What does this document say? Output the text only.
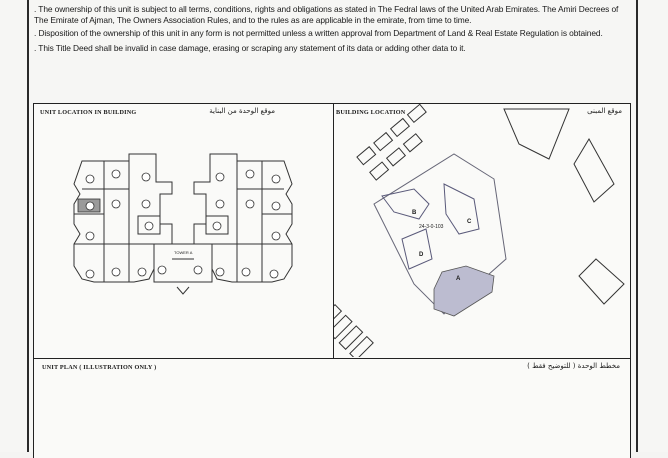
. The ownership of this unit is subject to all terms, conditions, rights and obligations as stated in The Fedral laws of the United Arab Emirates. The Amiri Decrees of The Emirate of Ajman, The Owners Association Rules, and to the rules as are applicable in the emirate, from time to time.

. Disposition of the ownership of this unit in any form is not permitted unless a written approval from Department of Land & Real Estate Regulation is obtained.

. This Title Deed shall be invalid in case damage, erasing or scraping any statement of its data or adding other data to it.

UNIT LOCATION IN BUILDING	موقع الوحدة من البناية
TOWER A
BUILDING LOCATION	موقع المبنى
24-3-0-103
B
C
D
A
UNIT PLAN ( ILLUSTRATION ONLY )	مخطط الوحدة ( للتوضيح فقط )
